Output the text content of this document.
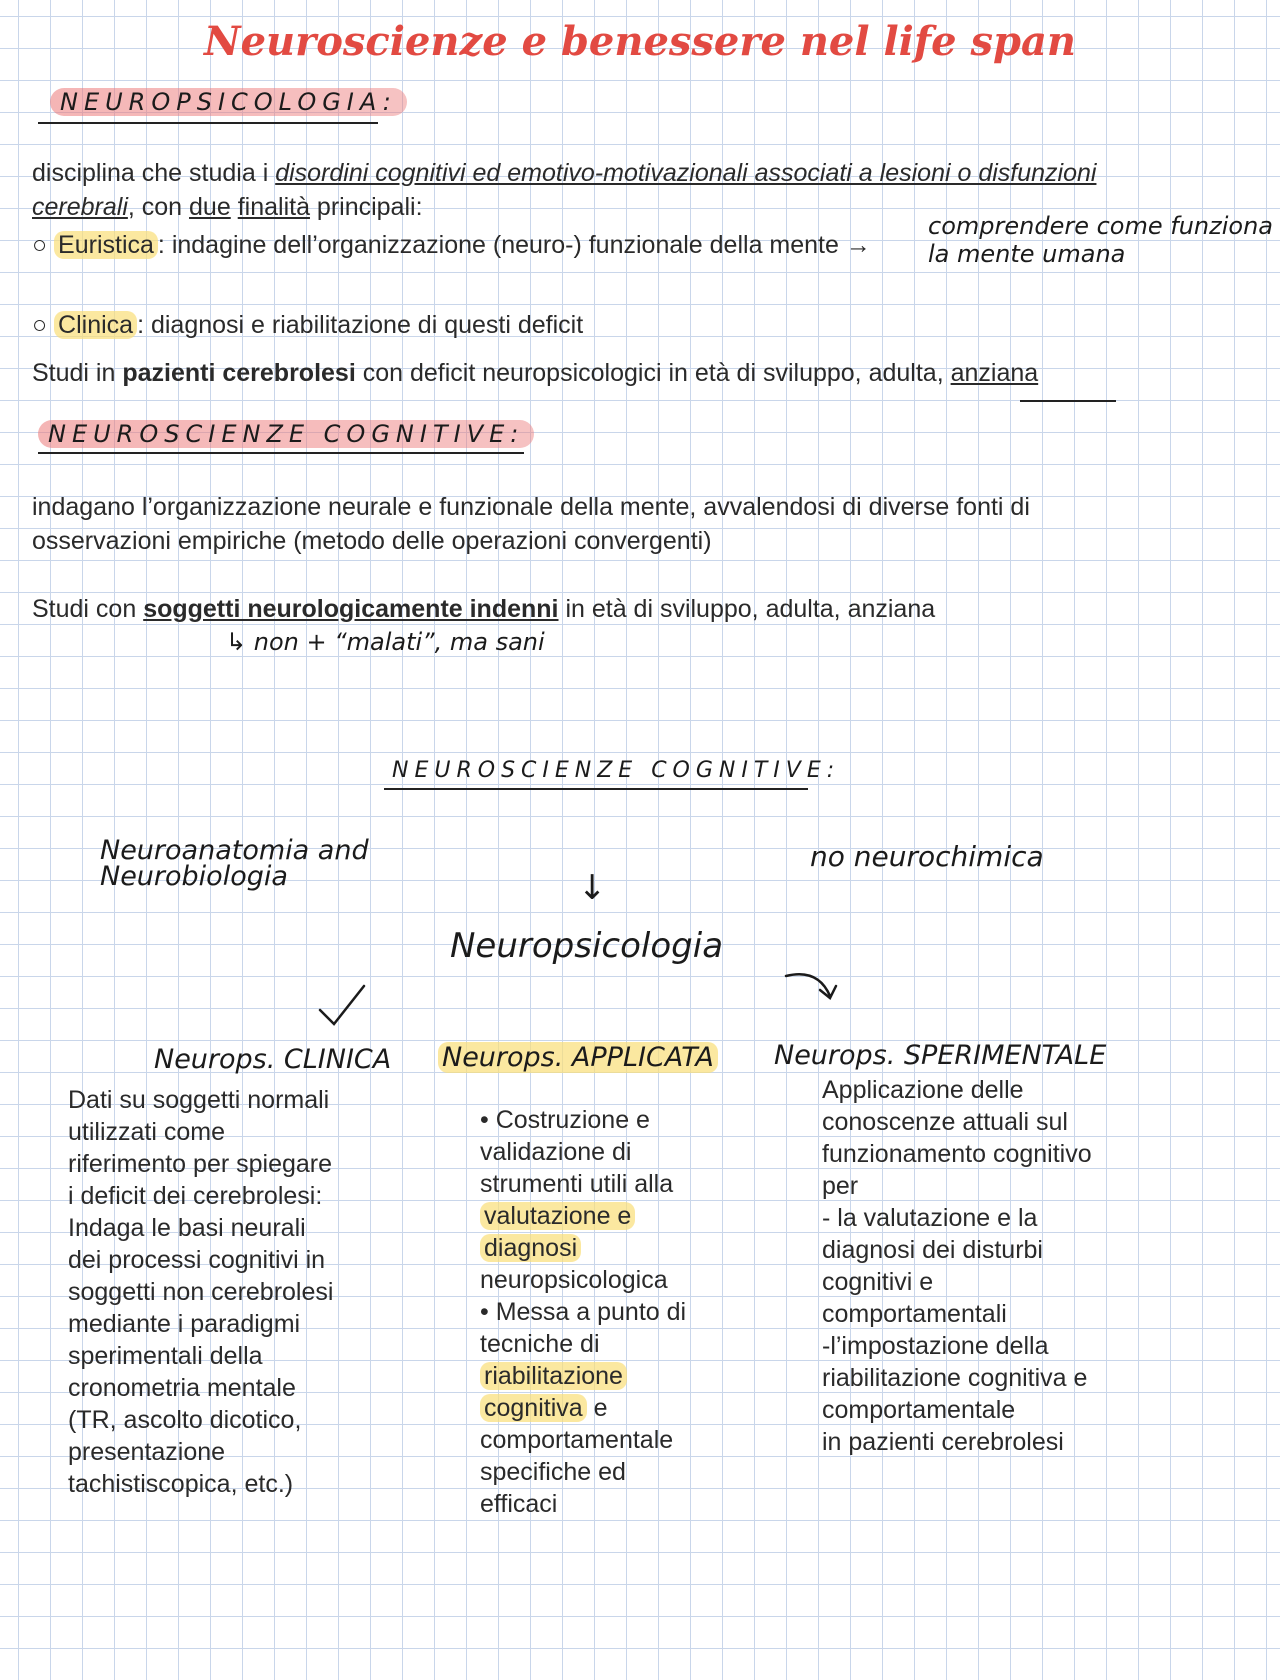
Neuroscienze e benessere nel life span
NEUROPSICOLOGIA:
disciplina che studia i disordini cognitivi ed emotivo-motivazionali associati a lesioni o disfunzioni
cerebrali, con due finalità principali:
○ Euristica : indagine dell’organizzazione (neuro-) funzionale della mente →
comprendere come funziona
la mente umana
○ Clinica : diagnosi e riabilitazione di questi deficit
Studi in pazienti cerebrolesi con deficit neuropsicologici in età di sviluppo, adulta, anziana
NEUROSCIENZE COGNITIVE:
indagano l’organizzazione neurale e funzionale della mente, avvalendosi di diverse fonti di
osservazioni empiriche (metodo delle operazioni convergenti)
Studi con soggetti neurologicamente indenni in età di sviluppo, adulta, anziana
↳ non + “malati”, ma sani
NEUROSCIENZE COGNITIVE:
Neuroanatomia and
Neurobiologia
no neurochimica
↓
Neuropsicologia
Neurops. CLINICA Neurops. APPLICATA Neurops. SPERIMENTALE
Dati su soggetti normali
utilizzati come
riferimento per spiegare
i deficit dei cerebrolesi:
Indaga le basi neurali
dei processi cognitivi in
soggetti non cerebrolesi
mediante i paradigmi
sperimentali della
cronometria mentale
(TR, ascolto dicotico,
presentazione
tachistiscopica, etc.)
• Costruzione e
validazione di
strumenti utili alla
valutazione e
diagnosi
neuropsicologica
• Messa a punto di
tecniche di
riabilitazione
cognitiva e
comportamentale
specifiche ed
efficaci
Applicazione delle
conoscenze attuali sul
funzionamento cognitivo
per
- la valutazione e la
diagnosi dei disturbi
cognitivi e
comportamentali
-l’impostazione della
riabilitazione cognitiva e
comportamentale
in pazienti cerebrolesi
